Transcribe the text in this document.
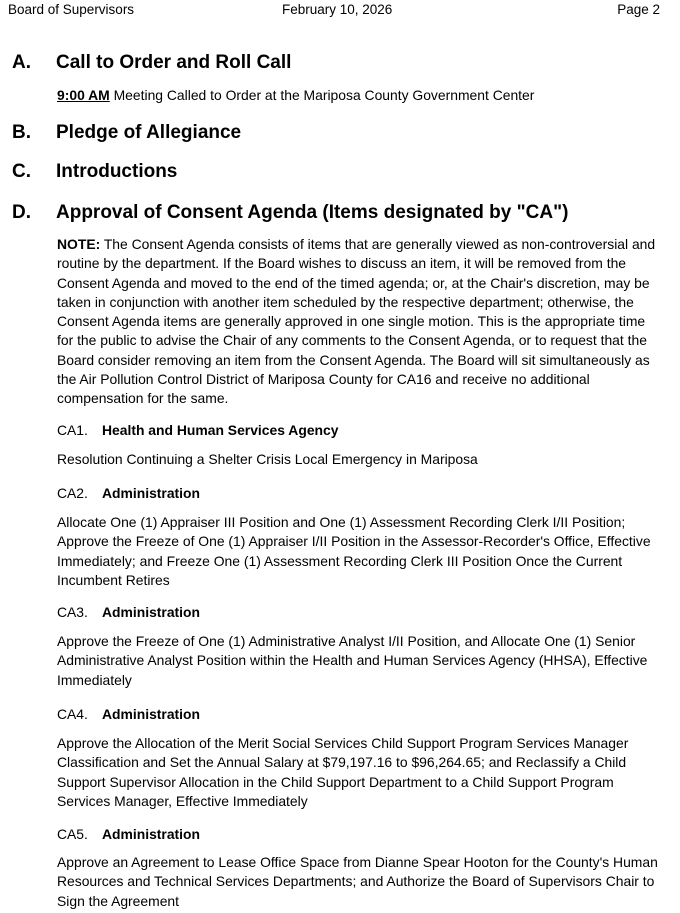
Board of Supervisors	February 10, 2026	Page 2
A. Call to Order and Roll Call
9:00 AM Meeting Called to Order at the Mariposa County Government Center
B. Pledge of Allegiance
C. Introductions
D. Approval of Consent Agenda (Items designated by "CA")
NOTE: The Consent Agenda consists of items that are generally viewed as non-controversial and routine by the department. If the Board wishes to discuss an item, it will be removed from the Consent Agenda and moved to the end of the timed agenda; or, at the Chair's discretion, may be taken in conjunction with another item scheduled by the respective department; otherwise, the Consent Agenda items are generally approved in one single motion. This is the appropriate time for the public to advise the Chair of any comments to the Consent Agenda, or to request that the Board consider removing an item from the Consent Agenda. The Board will sit simultaneously as the Air Pollution Control District of Mariposa County for CA16 and receive no additional compensation for the same.
CA1. Health and Human Services Agency
Resolution Continuing a Shelter Crisis Local Emergency in Mariposa
CA2. Administration
Allocate One (1) Appraiser III Position and One (1) Assessment Recording Clerk I/II Position; Approve the Freeze of One (1) Appraiser I/II Position in the Assessor-Recorder's Office, Effective Immediately; and Freeze One (1) Assessment Recording Clerk III Position Once the Current Incumbent Retires
CA3. Administration
Approve the Freeze of One (1) Administrative Analyst I/II Position, and Allocate One (1) Senior Administrative Analyst Position within the Health and Human Services Agency (HHSA), Effective Immediately
CA4. Administration
Approve the Allocation of the Merit Social Services Child Support Program Services Manager Classification and Set the Annual Salary at $79,197.16 to $96,264.65; and Reclassify a Child Support Supervisor Allocation in the Child Support Department to a Child Support Program Services Manager, Effective Immediately
CA5. Administration
Approve an Agreement to Lease Office Space from Dianne Spear Hooton for the County's Human Resources and Technical Services Departments; and Authorize the Board of Supervisors Chair to Sign the Agreement
